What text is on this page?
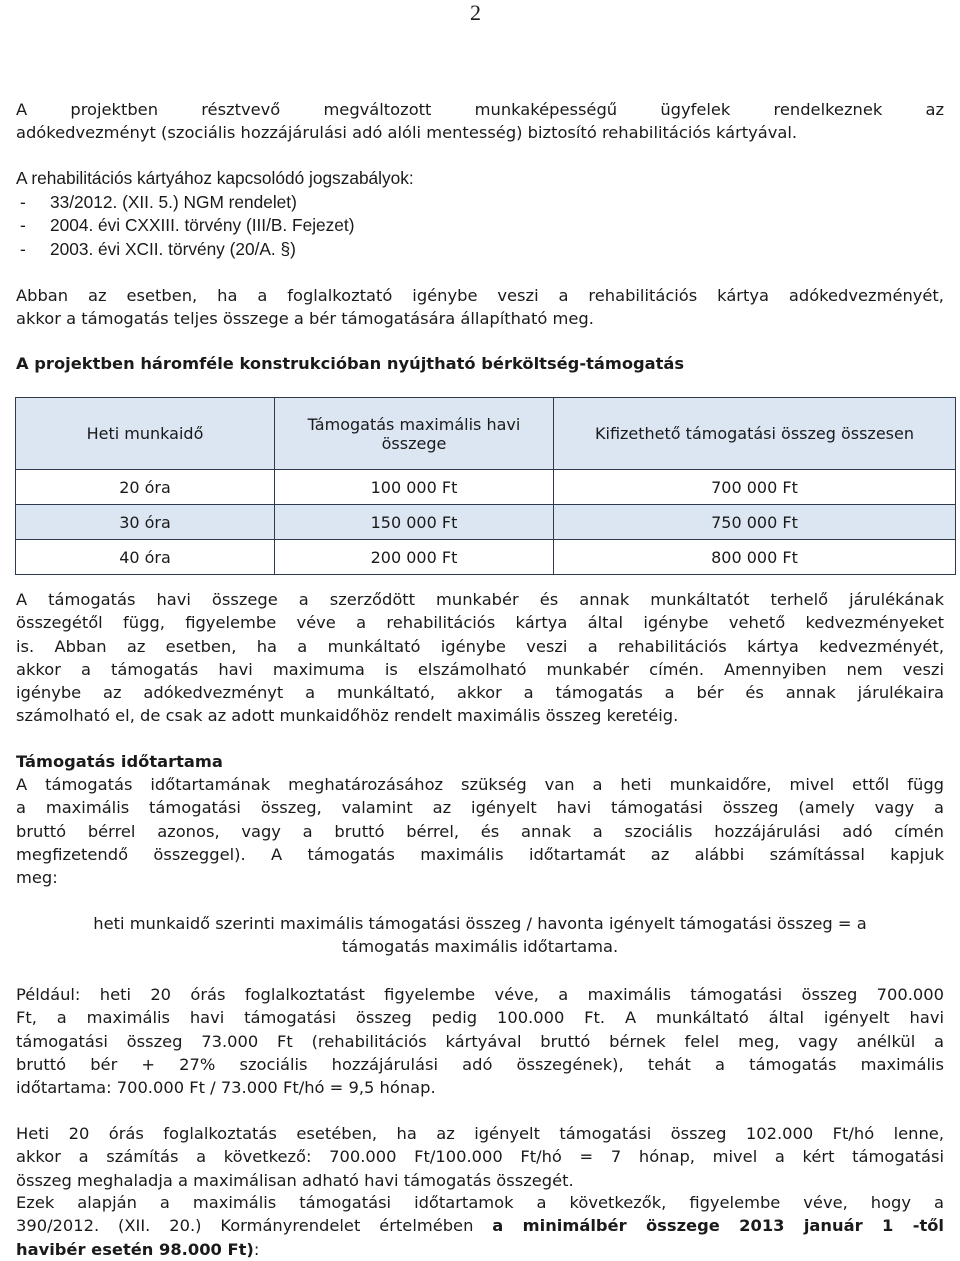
2
A projektben résztvevő megváltozott munkaképességű ügyfelek rendelkeznek az
adókedvezményt (szociális hozzájárulási adó alóli mentesség) biztosító rehabilitációs kártyával.
A rehabilitációs kártyához kapcsolódó jogszabályok:
- 33/2012. (XII. 5.) NGM rendelet)
- 2004. évi CXXIII. törvény (III/B. Fejezet)
- 2003. évi XCII. törvény (20/A. §)
Abban az esetben, ha a foglalkoztató igénybe veszi a rehabilitációs kártya adókedvezményét,
akkor a támogatás teljes összege a bér támogatására állapítható meg.
A projektben háromféle konstrukcióban nyújtható bérköltség-támogatás
Heti munkaidő	Támogatás maximális havi összege	Kifizethető támogatási összeg összesen
20 óra	100 000 Ft	700 000 Ft
30 óra	150 000 Ft	750 000 Ft
40 óra	200 000 Ft	800 000 Ft
A támogatás havi összege a szerződött munkabér és annak munkáltatót terhelő járulékának
összegétől függ, figyelembe véve a rehabilitációs kártya által igénybe vehető kedvezményeket
is. Abban az esetben, ha a munkáltató igénybe veszi a rehabilitációs kártya kedvezményét,
akkor a támogatás havi maximuma is elszámolható munkabér címén. Amennyiben nem veszi
igénybe az adókedvezményt a munkáltató, akkor a támogatás a bér és annak járulékaira
számolható el, de csak az adott munkaidőhöz rendelt maximális összeg keretéig.
Támogatás időtartama
A támogatás időtartamának meghatározásához szükség van a heti munkaidőre, mivel ettől függ
a maximális támogatási összeg, valamint az igényelt havi támogatási összeg (amely vagy a
bruttó bérrel azonos, vagy a bruttó bérrel, és annak a szociális hozzájárulási adó címén
megfizetendő összeggel). A támogatás maximális időtartamát az alábbi számítással kapjuk
meg:
heti munkaidő szerinti maximális támogatási összeg / havonta igényelt támogatási összeg = a
támogatás maximális időtartama.
Például: heti 20 órás foglalkoztatást figyelembe véve, a maximális támogatási összeg 700.000
Ft, a maximális havi támogatási összeg pedig 100.000 Ft. A munkáltató által igényelt havi
támogatási összeg 73.000 Ft (rehabilitációs kártyával bruttó bérnek felel meg, vagy anélkül a
bruttó bér + 27% szociális hozzájárulási adó összegének), tehát a támogatás maximális
időtartama: 700.000 Ft / 73.000 Ft/hó = 9,5 hónap.
Heti 20 órás foglalkoztatás esetében, ha az igényelt támogatási összeg 102.000 Ft/hó lenne,
akkor a számítás a következő: 700.000 Ft/100.000 Ft/hó = 7 hónap, mivel a kért támogatási
összeg meghaladja a maximálisan adható havi támogatás összegét.
Ezek alapján a maximális támogatási időtartamok a következők, figyelembe véve, hogy a
390/2012. (XII. 20.) Kormányrendelet értelmében a minimálbér összege 2013 január 1 -től
havibér esetén 98.000 Ft):
